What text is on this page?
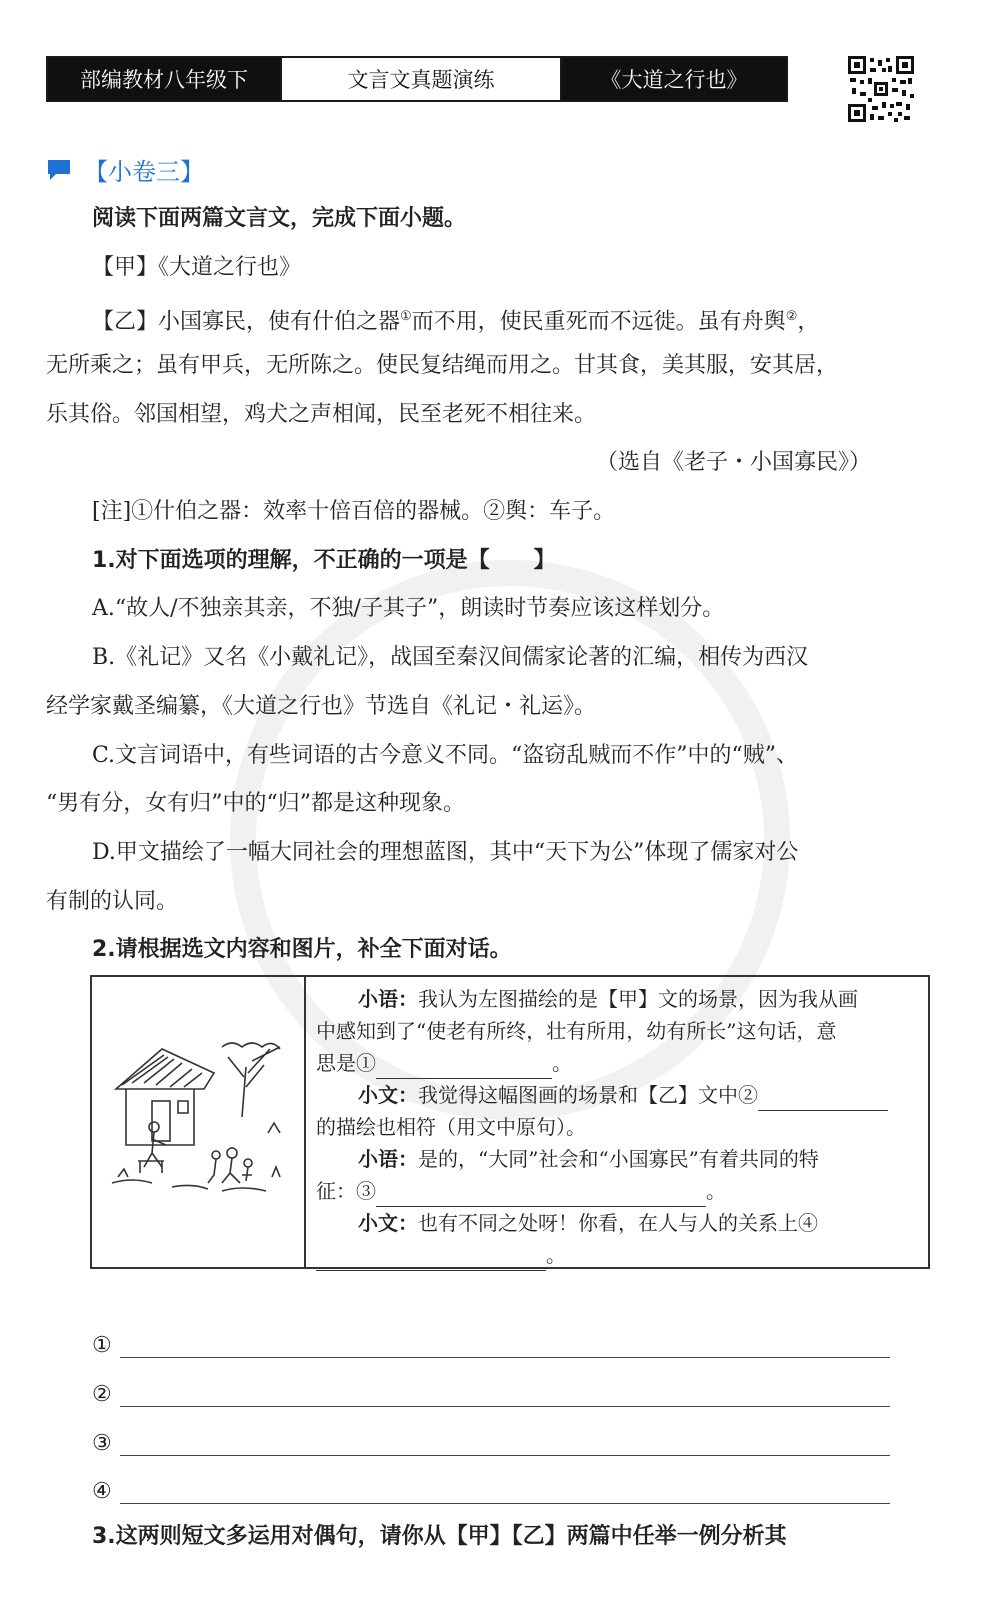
部编教材八年级下	文言文真题演练	《大道之行也》
【小卷三】
阅读下面两篇文言文，完成下面小题。
【甲】《大道之行也》
【乙】小国寡民，使有什伯之器①而不用，使民重死而不远徙。虽有舟舆②，
无所乘之；虽有甲兵，无所陈之。使民复结绳而用之。甘其食，美其服，安其居，
乐其俗。邻国相望，鸡犬之声相闻，民至老死不相往来。
（选自《老子・小国寡民》）
[注]①什伯之器：效率十倍百倍的器械。②舆：车子。
1.对下面选项的理解，不正确的一项是【　　】
A.“故人/不独亲其亲，不独/子其子”，朗读时节奏应该这样划分。
B.《礼记》又名《小戴礼记》，战国至秦汉间儒家论著的汇编，相传为西汉
经学家戴圣编纂，《大道之行也》节选自《礼记・礼运》。
C.文言词语中，有些词语的古今意义不同。“盗窃乱贼而不作”中的“贼”、
“男有分，女有归”中的“归”都是这种现象。
D.甲文描绘了一幅大同社会的理想蓝图，其中“天下为公”体现了儒家对公
有制的认同。
2.请根据选文内容和图片，补全下面对话。
小语：我认为左图描绘的是【甲】文的场景，因为我从画
中感知到了“使老有所终，壮有所用，幼有所长”这句话，意
思是①	。
小文：我觉得这幅图画的场景和【乙】文中②
的描绘也相符（用文中原句）。
小语：是的，“大同”社会和“小国寡民”有着共同的特
征：③	。
小文：也有不同之处呀！你看，在人与人的关系上④
。
①
②
③
④
3.这两则短文多运用对偶句，请你从【甲】【乙】两篇中任举一例分析其
